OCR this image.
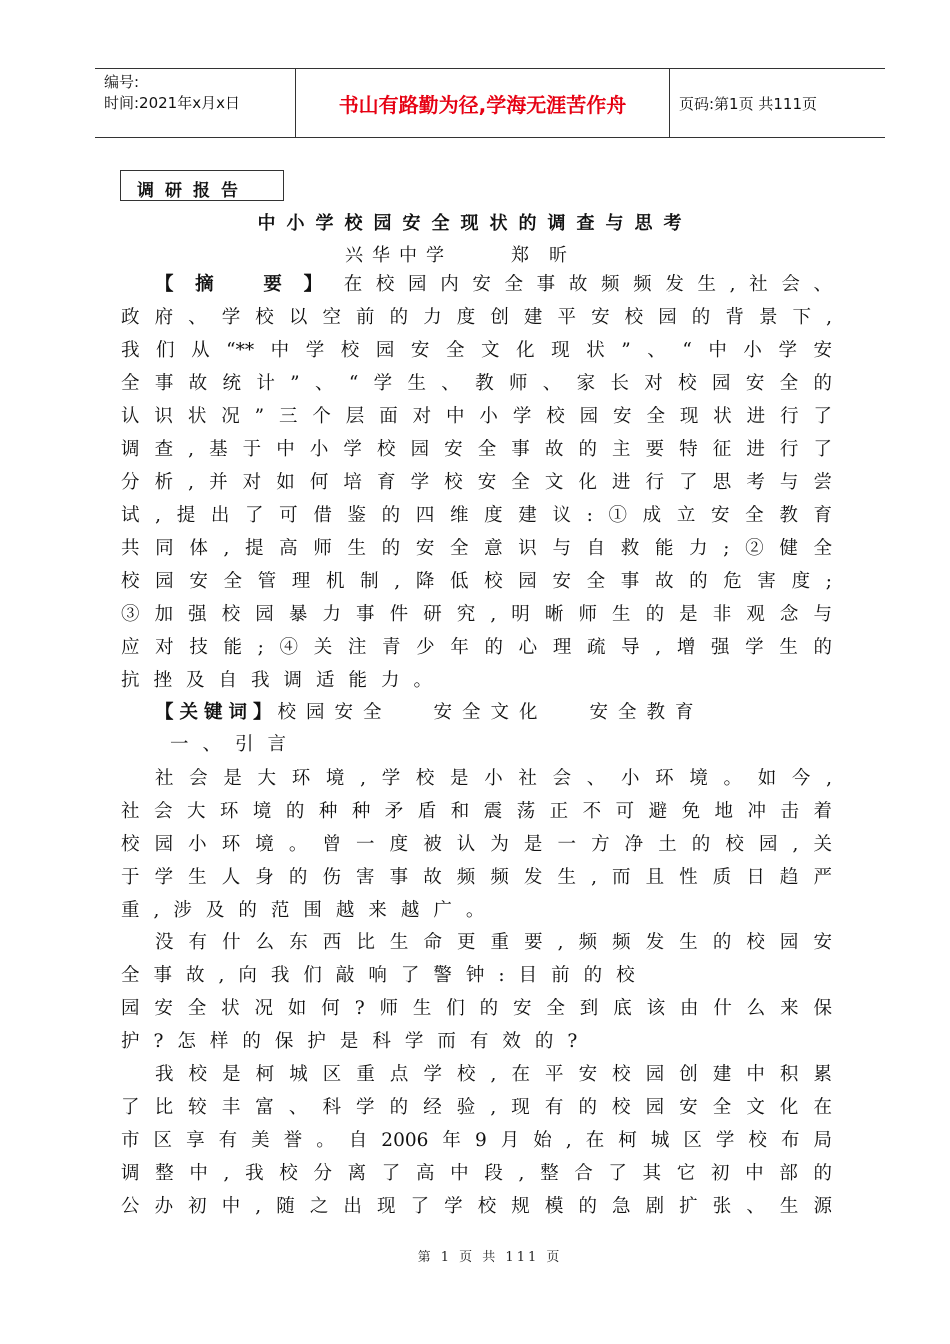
编号:
时间:2021年x月x日	书山有路勤为径,学海无涯苦作舟	页码:第1页 共111页
调研报告
中小学校园安全现状的调查与思考
兴华中学	郑昕
【摘 要】在校园内安全事故频频发生,社会、
政府、学校以空前的力度创建平安校园的背景下,
我们从“**中学校园安全文化现状”、“中小学安
全事故统计”、“学生、教师、家长对校园安全的
认识状况”三个层面对中小学校园安全现状进行了
调查,基于中小学校园安全事故的主要特征进行了
分析,并对如何培育学校安全文化进行了思考与尝
试,提出了可借鉴的四维度建议:①成立安全教育
共同体,提高师生的安全意识与自救能力;②健全
校园安全管理机制,降低校园安全事故的危害度;
③加强校园暴力事件研究,明晰师生的是非观念与
应对技能;④关注青少年的心理疏导,增强学生的
抗挫及自我调适能力。
【关键词】校园安全 安全文化 安全教育
一、引言
社会是大环境,学校是小社会、小环境。如今,
社会大环境的种种矛盾和震荡正不可避免地冲击着
校园小环境。曾一度被认为是一方净土的校园,关
于学生人身的伤害事故频频发生,而且性质日趋严
重,涉及的范围越来越广。
没有什么东西比生命更重要,频频发生的校园安
全事故,向我们敲响了警钟:目前的校
园安全状况如何?师生们的安全到底该由什么来保
护?怎样的保护是科学而有效的?
我校是柯城区重点学校,在平安校园创建中积累
了比较丰富、科学的经验,现有的校园安全文化在
市区享有美誉。自2006年9月始,在柯城区学校布局
调整中,我校分离了高中段,整合了其它初中部的
公办初中,随之出现了学校规模的急剧扩张、生源
第 1 页 共 111 页
